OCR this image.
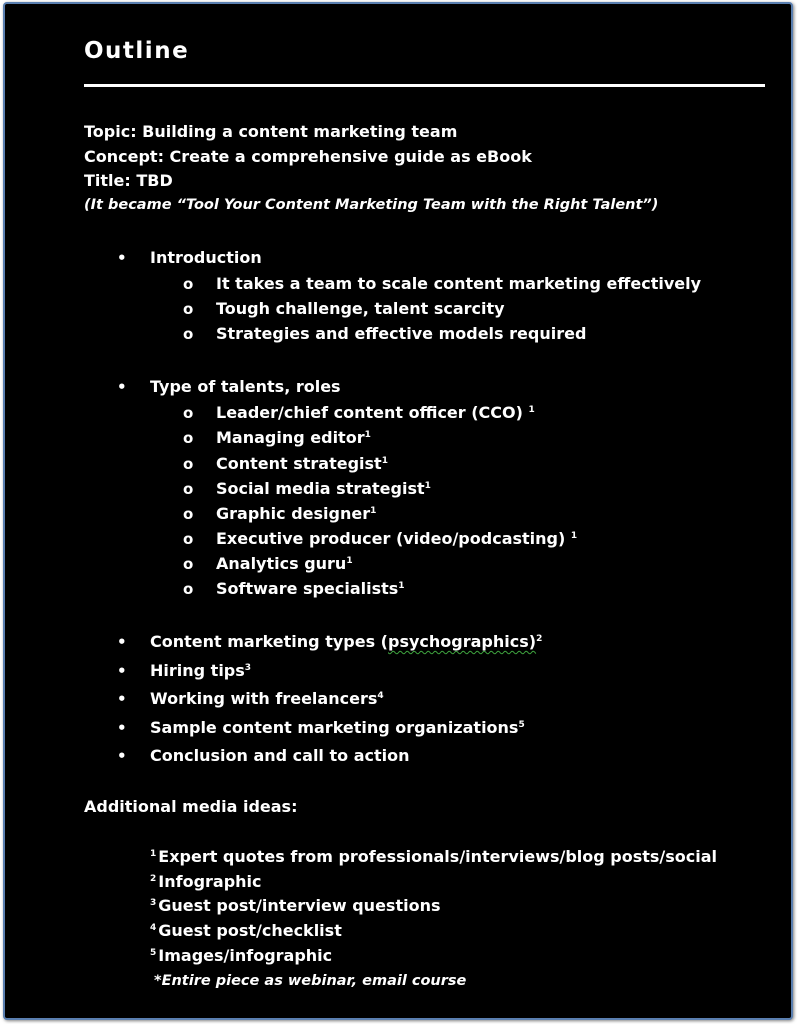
Outline
Topic: Building a content marketing team
Concept: Create a comprehensive guide as eBook
Title: TBD
(It became “Tool Your Content Marketing Team with the Right Talent”)
• Introduction
o It takes a team to scale content marketing effectively
o Tough challenge, talent scarcity
o Strategies and effective models required
• Type of talents, roles
o Leader/chief content officer (CCO) $^1$
o Managing editor$^1$
o Content strategist$^1$
o Social media strategist$^1$
o Graphic designer$^1$
o Executive producer (video/podcasting) $^1$
o Analytics guru$^1$
o Software specialists$^1$
• Content marketing types (psychographics)$^2$
• Hiring tips$^3$
• Working with freelancers$^4$
• Sample content marketing organizations$^5$
• Conclusion and call to action
Additional media ideas:
$^1$ Expert quotes from professionals/interviews/blog posts/social
$^2$ Infographic
$^3$ Guest post/interview questions
$^4$ Guest post/checklist
$^5$ Images/infographic
*Entire piece as webinar, email course
